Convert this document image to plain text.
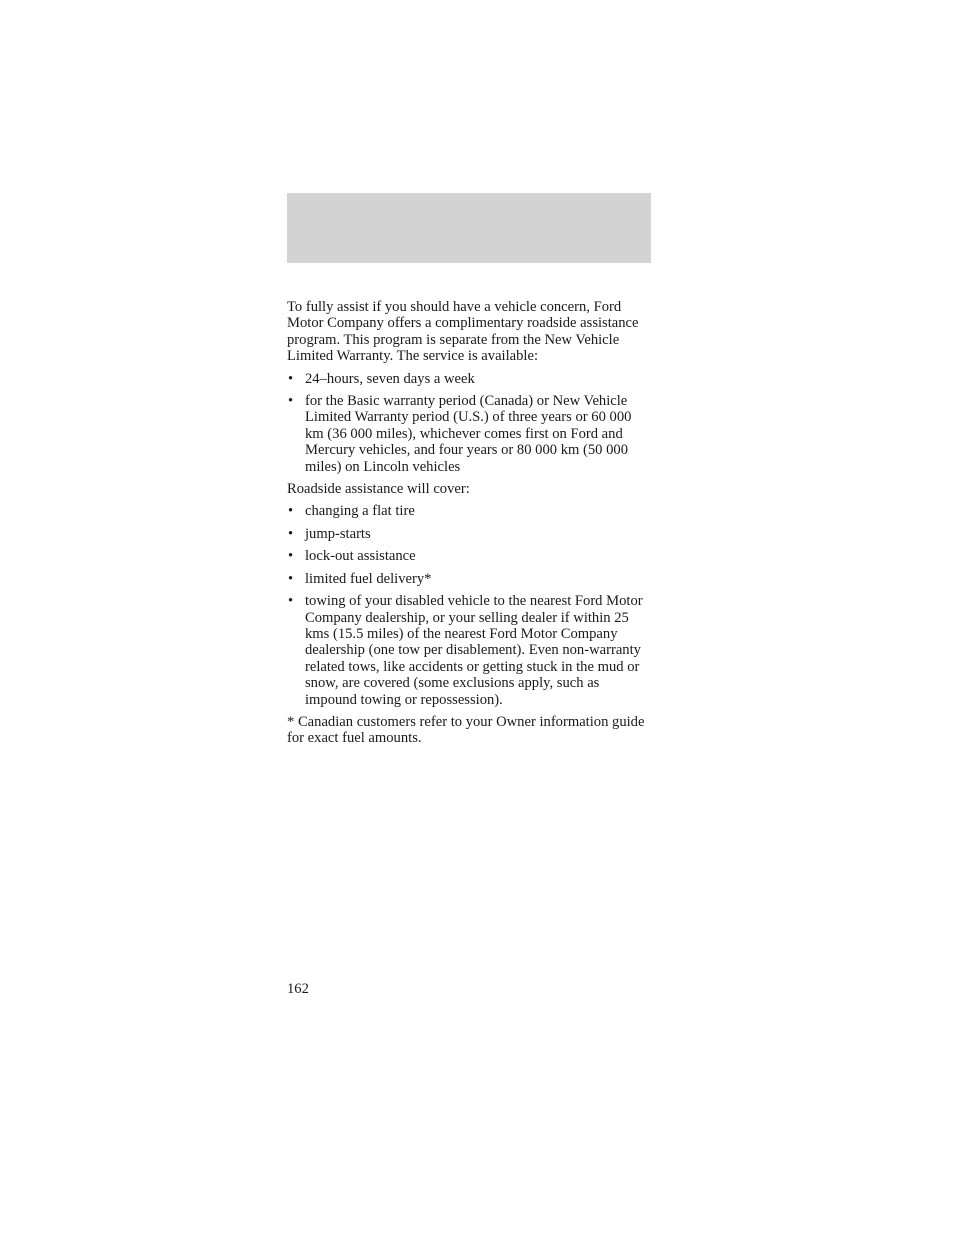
To fully assist if you should have a vehicle concern, Ford Motor Company offers a complimentary roadside assistance program. This program is separate from the New Vehicle Limited Warranty. The service is available:

• 24–hours, seven days a week
• for the Basic warranty period (Canada) or New Vehicle Limited Warranty period (U.S.) of three years or 60 000 km (36 000 miles), whichever comes first on Ford and Mercury vehicles, and four years or 80 000 km (50 000 miles) on Lincoln vehicles

Roadside assistance will cover:

• changing a flat tire
• jump-starts
• lock-out assistance
• limited fuel delivery*
• towing of your disabled vehicle to the nearest Ford Motor Company dealership, or your selling dealer if within 25 kms (15.5 miles) of the nearest Ford Motor Company dealership (one tow per disablement). Even non-warranty related tows, like accidents or getting stuck in the mud or snow, are covered (some exclusions apply, such as impound towing or repossession).

* Canadian customers refer to your Owner information guide for exact fuel amounts.

162
